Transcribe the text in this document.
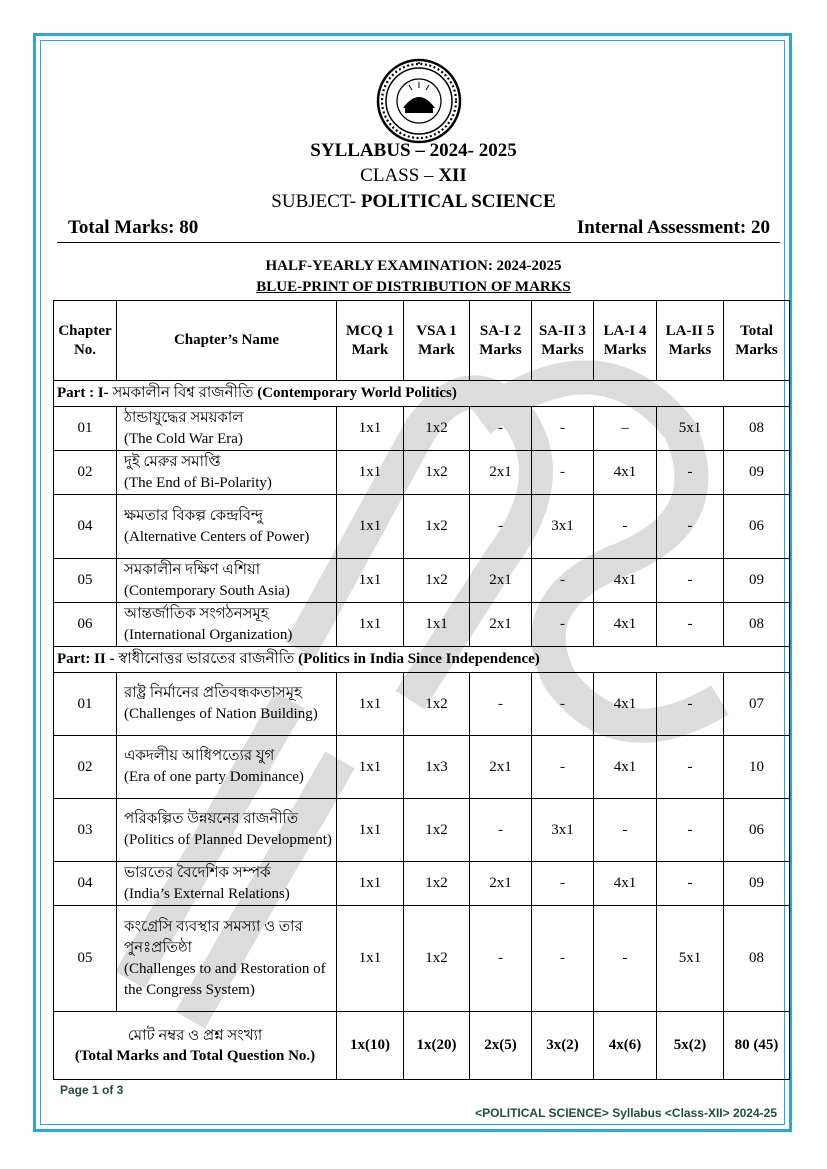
SYLLABUS – 2024- 2025
CLASS – XII
SUBJECT- POLITICAL SCIENCE
Total Marks: 80	Internal Assessment: 20
HALF-YEARLY EXAMINATION: 2024-2025
BLUE-PRINT OF DISTRIBUTION OF MARKS
Chapter No.	Chapter’s Name	MCQ 1 Mark	VSA 1 Mark	SA-I 2 Marks	SA-II 3 Marks	LA-I 4 Marks	LA-II 5 Marks	Total Marks
Part : I- সমকালীন বিশ্ব রাজনীতি (Contemporary World Politics)								
01	ঠান্ডাযুদ্ধের সময়কাল
(The Cold War Era)	1x1	1x2	-	-	–	5x1	08
02	দুই মেরুর সমাপ্তি
(The End of Bi-Polarity)	1x1	1x2	2x1	-	4x1	-	09
04	ক্ষমতার বিকল্প কেন্দ্রবিন্দু
(Alternative Centers of Power)	1x1	1x2	-	3x1	-	-	06
05	সমকালীন দক্ষিণ এশিয়া
(Contemporary South Asia)	1x1	1x2	2x1	-	4x1	-	09
06	আন্তর্জাতিক সংগঠনসমূহ
(International Organization)	1x1	1x1	2x1	-	4x1	-	08
Part: II - স্বাধীনোত্তর ভারতের রাজনীতি (Politics in India Since Independence)								
01	রাষ্ট্র নির্মানের প্রতিবন্ধকতাসমূহ
(Challenges of Nation Building)	1x1	1x2	-	-	4x1	-	07
02	একদলীয় আধিপত্যের যুগ
(Era of one party Dominance)	1x1	1x3	2x1	-	4x1	-	10
03	পরিকল্পিত উন্নয়নের রাজনীতি
(Politics of Planned Development)	1x1	1x2	-	3x1	-	-	06
04	ভারতের বৈদেশিক সম্পর্ক
(India’s External Relations)	1x1	1x2	2x1	-	4x1	-	09
05	কংগ্রেসি ব্যবস্থার সমস্যা ও তার পুনঃপ্রতিষ্ঠা
(Challenges to and Restoration of the Congress System)	1x1	1x2	-	-	-	5x1	08

মোট নম্বর ও প্রশ্ন সংখ্যা
(Total Marks and Total Question No.)		1x(10)	1x(20)	2x(5)	3x(2)	4x(6)	5x(2)	80 (45)
Page 1 of 3
<POLITICAL SCIENCE> Syllabus <Class-XII> 2024-25
